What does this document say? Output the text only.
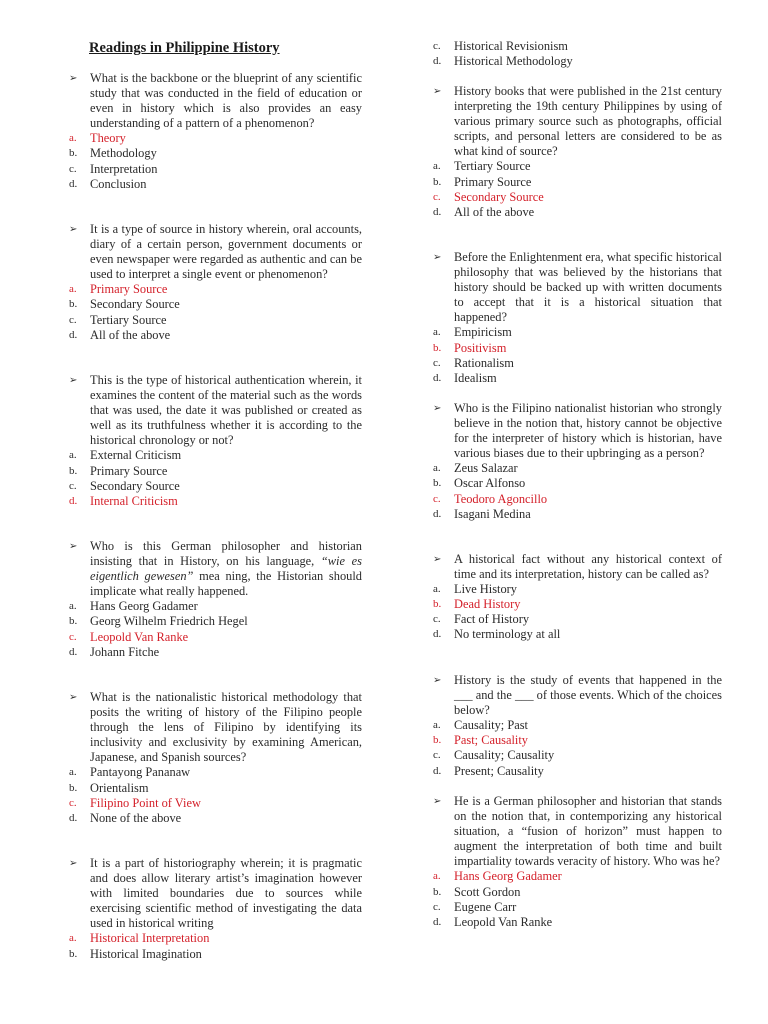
Readings in Philippine History
➢ What is the backbone or the blueprint of any scientific study that was conducted in the field of education or even in history which is also provides an easy understanding of a pattern of a phenomenon?
a. Theory
b. Methodology
c. Interpretation
d. Conclusion
➢ It is a type of source in history wherein, oral accounts, diary of a certain person, government documents or even newspaper were regarded as authentic and can be used to interpret a single event or phenomenon?
a. Primary Source
b. Secondary Source
c. Tertiary Source
d. All of the above
➢ This is the type of historical authentication wherein, it examines the content of the material such as the words that was used, the date it was published or created as well as its truthfulness whether it is according to the historical chronology or not?
a. External Criticism
b. Primary Source
c. Secondary Source
d. Internal Criticism
➢ Who is this German philosopher and historian insisting that in History, on his language, “wie es eigentlich gewesen” mea ning, the Historian should implicate what really happened.
a. Hans Georg Gadamer
b. Georg Wilhelm Friedrich Hegel
c. Leopold Van Ranke
d. Johann Fitche
➢ What is the nationalistic historical methodology that posits the writing of history of the Filipino people through the lens of Filipino by identifying its inclusivity and exclusivity by examining American, Japanese, and Spanish sources?
a. Pantayong Pananaw
b. Orientalism
c. Filipino Point of View
d. None of the above
➢ It is a part of historiography wherein; it is pragmatic and does allow literary artist’s imagination however with limited boundaries due to sources while exercising scientific method of investigating the data used in historical writing
a. Historical Interpretation
b. Historical Imagination
c. Historical Revisionism
d. Historical Methodology
➢ History books that were published in the 21st century interpreting the 19th century Philippines by using of various primary source such as photographs, official scripts, and personal letters are considered to be as what kind of source?
a. Tertiary Source
b. Primary Source
c. Secondary Source
d. All of the above
➢ Before the Enlightenment era, what specific historical philosophy that was believed by the historians that history should be backed up with written documents to accept that it is a historical situation that happened?
a. Empiricism
b. Positivism
c. Rationalism
d. Idealism
➢ Who is the Filipino nationalist historian who strongly believe in the notion that, history cannot be objective for the interpreter of history which is historian, have various biases due to their upbringing as a person?
a. Zeus Salazar
b. Oscar Alfonso
c. Teodoro Agoncillo
d. Isagani Medina
➢ A historical fact without any historical context of time and its interpretation, history can be called as?
a. Live History
b. Dead History
c. Fact of History
d. No terminology at all
➢ History is the study of events that happened in the ___ and the ___ of those events. Which of the choices below?
a. Causality; Past
b. Past; Causality
c. Causality; Causality
d. Present; Causality
➢ He is a German philosopher and historian that stands on the notion that, in contemporizing any historical situation, a “fusion of horizon” must happen to augment the interpretation of both time and built impartiality towards veracity of history. Who was he?
a. Hans Georg Gadamer
b. Scott Gordon
c. Eugene Carr
d. Leopold Van Ranke
